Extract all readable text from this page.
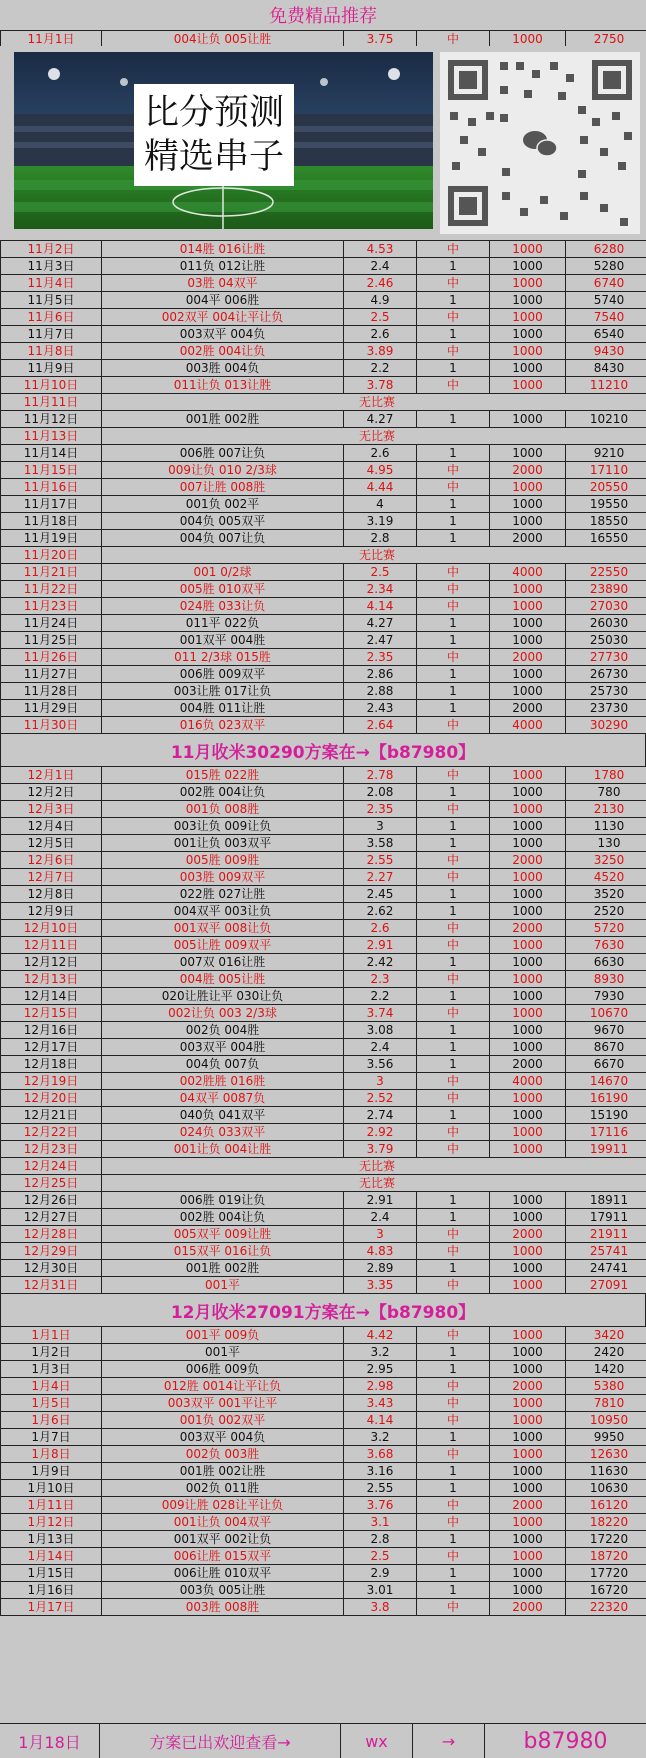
免费精品推荐
11月1日	004让负 005让胜	3.75	中	1000	2750
比分预测
精选串子
11月2日	014胜 016让胜	4.53	中	1000	6280
11月3日	011负 012让胜	2.4	1	1000	5280
11月4日	03胜 04双平	2.46	中	1000	6740
11月5日	004平 006胜	4.9	1	1000	5740
11月6日	002双平 004让平让负	2.5	中	1000	7540
11月7日	003双平 004负	2.6	1	1000	6540
11月8日	002胜 004让负	3.89	中	1000	9430
11月9日	003胜 004负	2.2	1	1000	8430
11月10日	011让负 013让胜	3.78	中	1000	11210
11月11日	无比赛				
11月12日	001胜 002胜	4.27	1	1000	10210
11月13日	无比赛				
11月14日	006胜 007让负	2.6	1	1000	9210
11月15日	009让负 010 2/3球	4.95	中	2000	17110
11月16日	007让胜 008胜	4.44	中	1000	20550
11月17日	001负 002平	4	1	1000	19550
11月18日	004负 005双平	3.19	1	1000	18550
11月19日	004负 007让负	2.8	1	2000	16550
11月20日	无比赛				
11月21日	001 0/2球	2.5	中	4000	22550
11月22日	005胜 010双平	2.34	中	1000	23890
11月23日	024胜 033让负	4.14	中	1000	27030
11月24日	011平 022负	4.27	1	1000	26030
11月25日	001双平 004胜	2.47	1	1000	25030
11月26日	011 2/3球 015胜	2.35	中	2000	27730
11月27日	006胜 009双平	2.86	1	1000	26730
11月28日	003让胜 017让负	2.88	1	1000	25730
11月29日	004胜 011让胜	2.43	1	2000	23730
11月30日	016负 023双平	2.64	中	4000	30290
11月收米30290方案在→【b87980】
12月1日	015胜 022胜	2.78	中	1000	1780
12月2日	002胜 004让负	2.08	1	1000	780
12月3日	001负 008胜	2.35	中	1000	2130
12月4日	003让负 009让负	3	1	1000	1130
12月5日	001让负 003双平	3.58	1	1000	130
12月6日	005胜 009胜	2.55	中	2000	3250
12月7日	003胜 009双平	2.27	中	1000	4520
12月8日	022胜 027让胜	2.45	1	1000	3520
12月9日	004双平 003让负	2.62	1	1000	2520
12月10日	001双平 008让负	2.6	中	2000	5720
12月11日	005让胜 009双平	2.91	中	1000	7630
12月12日	007双 016让胜	2.42	1	1000	6630
12月13日	004胜 005让胜	2.3	中	1000	8930
12月14日	020让胜让平 030让负	2.2	1	1000	7930
12月15日	002让负 003 2/3球	3.74	中	1000	10670
12月16日	002负 004胜	3.08	1	1000	9670
12月17日	003双平 004胜	2.4	1	1000	8670
12月18日	004负 007负	3.56	1	2000	6670
12月19日	002胜胜 016胜	3	中	4000	14670
12月20日	04双平 0087负	2.52	中	1000	16190
12月21日	040负 041双平	2.74	1	1000	15190
12月22日	024负 033双平	2.92	中	1000	17116
12月23日	001让负 004让胜	3.79	中	1000	19911
12月24日	无比赛				
12月25日	无比赛				
12月26日	006胜 019让负	2.91	1	1000	18911
12月27日	002胜 004让负	2.4	1	1000	17911
12月28日	005双平 009让胜	3	中	2000	21911
12月29日	015双平 016让负	4.83	中	1000	25741
12月30日	001胜 002胜	2.89	1	1000	24741
12月31日	001平	3.35	中	1000	27091
12月收米27091方案在→【b87980】
1月1日	001平 009负	4.42	中	1000	3420
1月2日	001平	3.2	1	1000	2420
1月3日	006胜 009负	2.95	1	1000	1420
1月4日	012胜 0014让平让负	2.98	中	2000	5380
1月5日	003双平 001平让平	3.43	中	1000	7810
1月6日	001负 002双平	4.14	中	1000	10950
1月7日	003双平 004负	3.2	1	1000	9950
1月8日	002负 003胜	3.68	中	1000	12630
1月9日	001胜 002让胜	3.16	1	1000	11630
1月10日	002负 011胜	2.55	1	1000	10630
1月11日	009让胜 028让平让负	3.76	中	2000	16120
1月12日	001让负 004双平	3.1	中	1000	18220
1月13日	001双平 002让负	2.8	1	1000	17220
1月14日	006让胜 015双平	2.5	中	1000	18720
1月15日	006让胜 010双平	2.9	1	1000	17720
1月16日	003负 005让胜	3.01	1	1000	16720
1月17日	003胜 008胜	3.8	中	2000	22320
1月18日	方案已出欢迎查看→	wx	→	b87980
